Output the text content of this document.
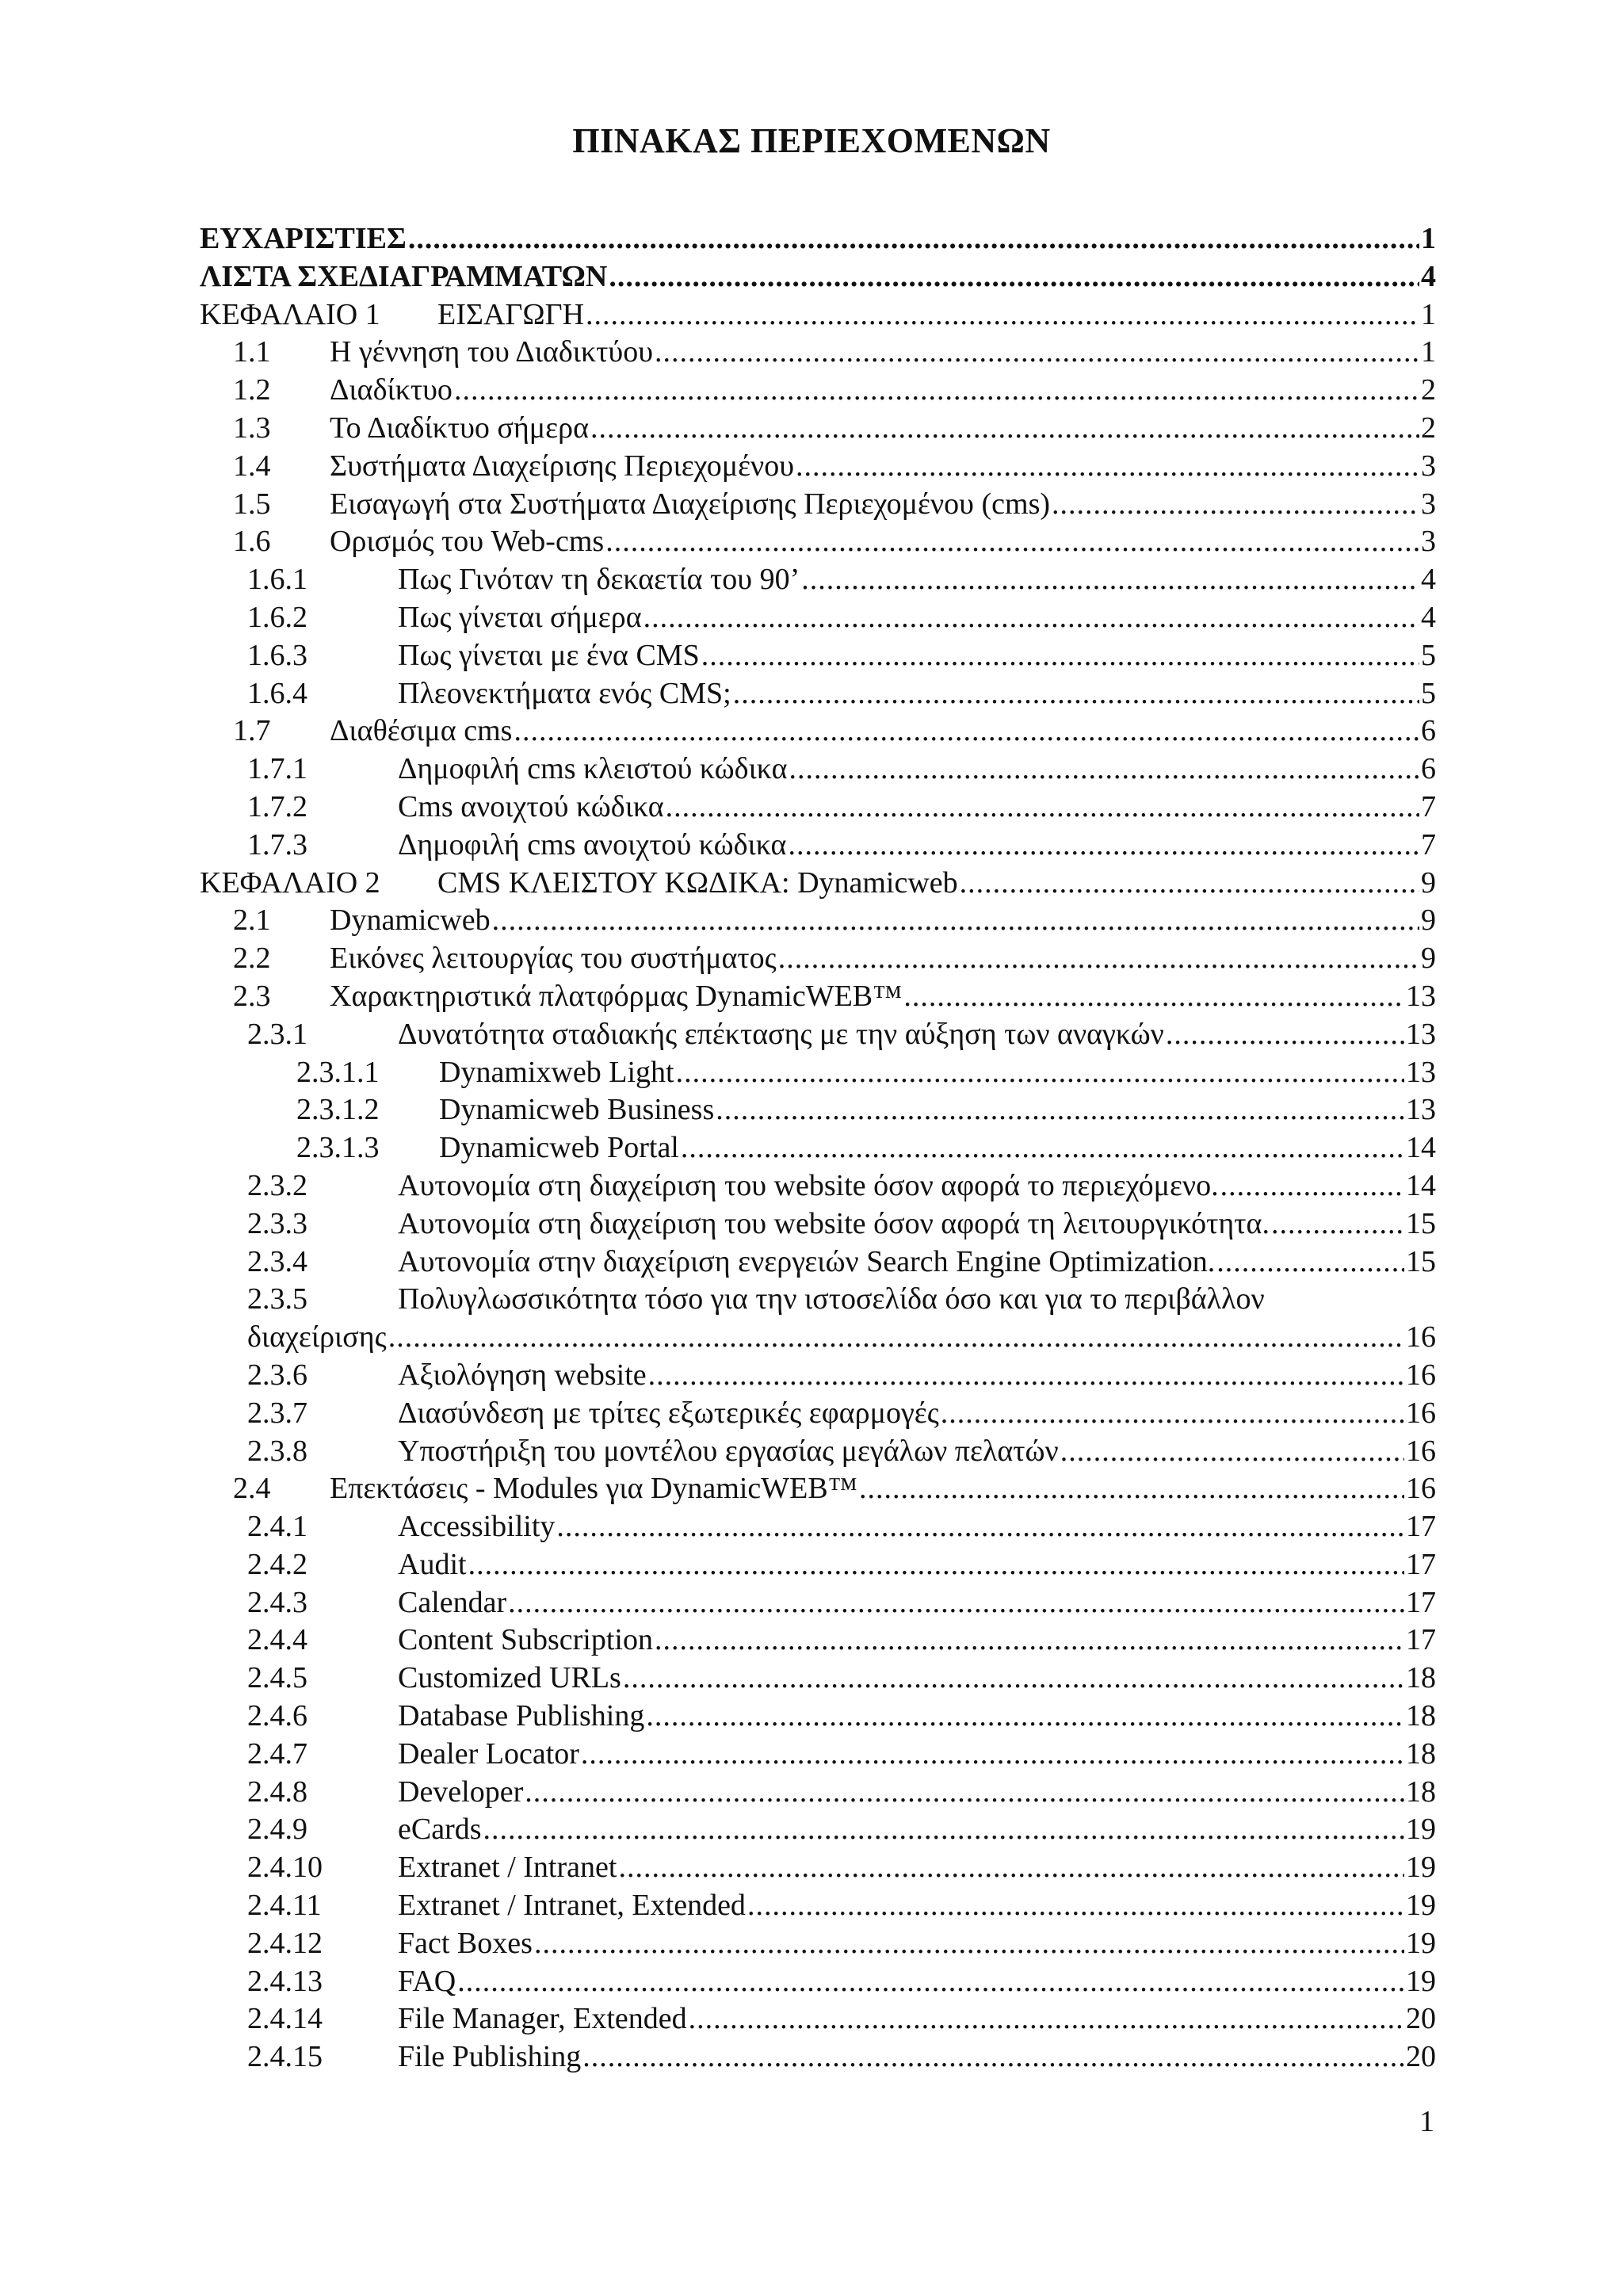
ΠΙΝΑΚΑΣ ΠΕΡΙΕΧΟΜΕΝΩΝ
ΕΥΧΑΡΙΣΤΙΕΣ .....	1
ΛΙΣΤΑ ΣΧΕΔΙΑΓΡΑΜΜΑΤΩΝ .....	4
ΚΕΦΑΛΑΙΟ 1	ΕΙΣΑΓΩΓΗ .....	1
1.1	Η γέννηση του Διαδικτύου .....	1
1.2	Διαδίκτυο .....	2
1.3	Το Διαδίκτυο σήμερα .....	2
1.4	Συστήματα Διαχείρισης Περιεχομένου .....	3
1.5	Εισαγωγή στα Συστήματα Διαχείρισης Περιεχομένου (cms) .....	3
1.6	Ορισμός του Web-cms .....	3
1.6.1	Πως Γινόταν τη δεκαετία του 90’ .....	4
1.6.2	Πως γίνεται σήμερα .....	4
1.6.3	Πως γίνεται με ένα CMS .....	5
1.6.4	Πλεονεκτήματα ενός CMS; .....	5
1.7	Διαθέσιμα cms .....	6
1.7.1	Δημοφιλή cms κλειστού κώδικα .....	6
1.7.2	Cms ανοιχτού κώδικα .....	7
1.7.3	Δημοφιλή cms ανοιχτού κώδικα .....	7
ΚΕΦΑΛΑΙΟ 2	CMS ΚΛΕΙΣΤΟΥ ΚΩΔΙΚΑ: Dynamicweb .....	9
2.1	Dynamicweb .....	9
2.2	Εικόνες λειτουργίας του συστήματος .....	9
2.3	Χαρακτηριστικά πλατφόρμας DynamicWEB™ .....	13
2.3.1	Δυνατότητα σταδιακής επέκτασης με την αύξηση των αναγκών .....	13
2.3.1.1	Dynamixweb Light .....	13
2.3.1.2	Dynamicweb Business .....	13
2.3.1.3	Dynamicweb Portal .....	14
2.3.2	Αυτονομία στη διαχείριση του website όσον αφορά το περιεχόμενο. .....	14
2.3.3	Αυτονομία στη διαχείριση του website όσον αφορά τη λειτουργικότητα. .....	15
2.3.4	Αυτονομία στην διαχείριση ενεργειών Search Engine Optimization. .....	15
2.3.5	Πολυγλωσσικότητα τόσο για την ιστοσελίδα όσο και για το περιβάλλον
διαχείρισης .....	16
2.3.6	Αξιολόγηση website .....	16
2.3.7	Διασύνδεση με τρίτες εξωτερικές εφαρμογές .....	16
2.3.8	Υποστήριξη του μοντέλου εργασίας μεγάλων πελατών .....	16
2.4	Επεκτάσεις - Modules για DynamicWEB™ .....	16
2.4.1	Accessibility .....	17
2.4.2	Audit .....	17
2.4.3	Calendar .....	17
2.4.4	Content Subscription .....	17
2.4.5	Customized URLs .....	18
2.4.6	Database Publishing .....	18
2.4.7	Dealer Locator .....	18
2.4.8	Developer .....	18
2.4.9	eCards .....	19
2.4.10	Extranet / Intranet .....	19
2.4.11	Extranet / Intranet, Extended .....	19
2.4.12	Fact Boxes .....	19
2.4.13	FAQ .....	19
2.4.14	File Manager, Extended .....	20
2.4.15	File Publishing .....	20
1
